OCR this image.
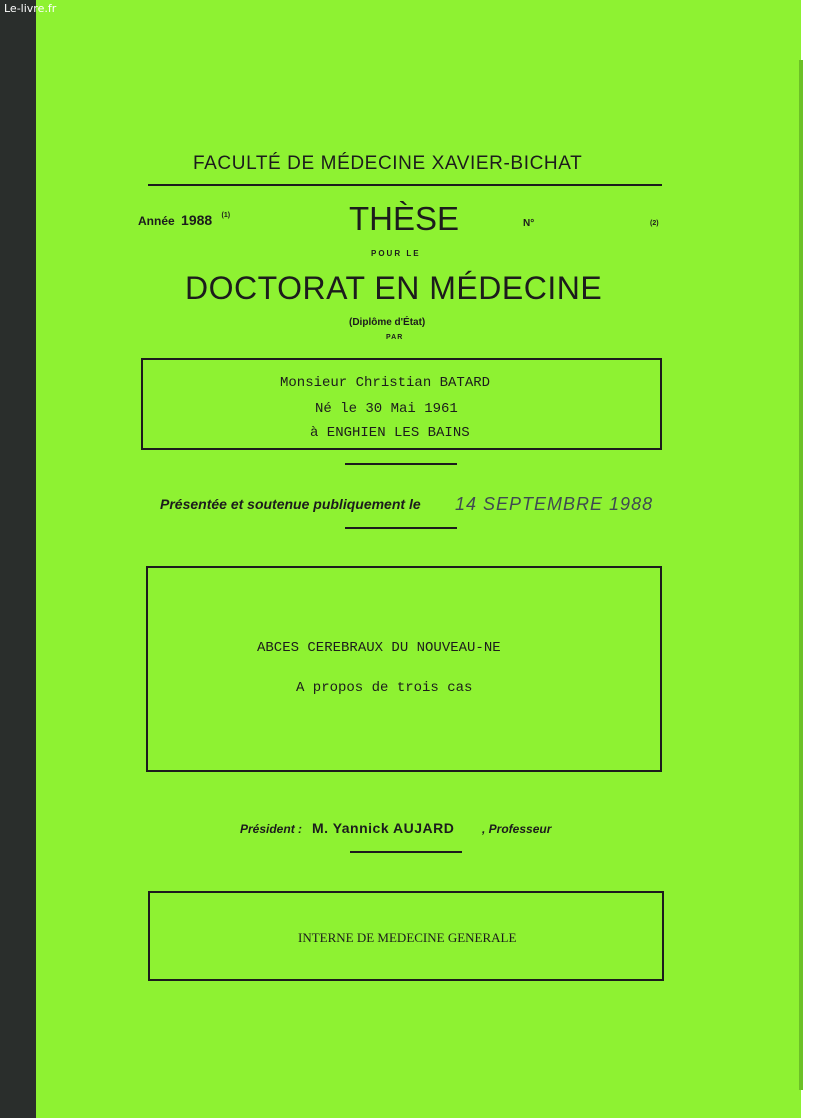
Le-livre.fr
FACULTÉ DE MÉDECINE XAVIER-BICHAT
Année 1988 $^{(1)}$	THÈSE	N°	(2)
POUR LE
DOCTORAT EN MÉDECINE
(Diplôme d'État)
PAR
Monsieur Christian BATARD
Né le 30 Mai 1961
à ENGHIEN LES BAINS
Présentée et soutenue publiquement le 14 SEPTEMBRE 1988
ABCES CEREBRAUX DU NOUVEAU-NE
A propos de trois cas
Président : M. Yannick AUJARD , Professeur
INTERNE DE MEDECINE GENERALE
